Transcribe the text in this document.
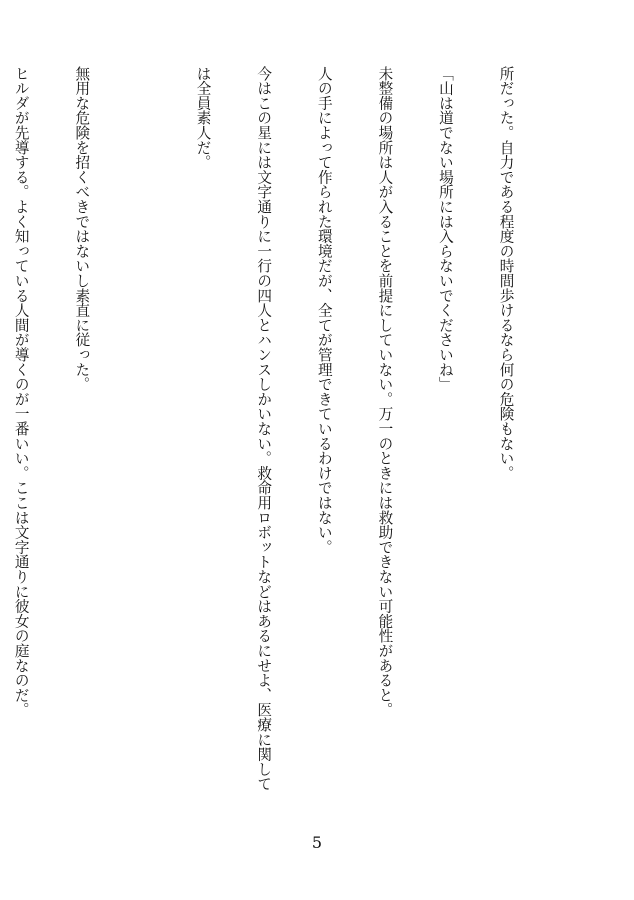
所だった。自力である程度の時間歩けるなら何の危険もない。

「山は道でない場所には入らないでくださいね」

未整備の場所は人が入ることを前提にしていない。万一のときには救助できない可能性があると。

人の手によって作られた環境だが、全てが管理できているわけではない。

今はこの星には文字通りに一行の四人とハンスしかいない。救命用ロボットなどはあるにせよ、医療に関して

は全員素人だ。

無用な危険を招くべきではないし素直に従った。

ヒルダが先導する。よく知っている人間が導くのが一番いい。ここは文字通りに彼女の庭なのだ。

5
